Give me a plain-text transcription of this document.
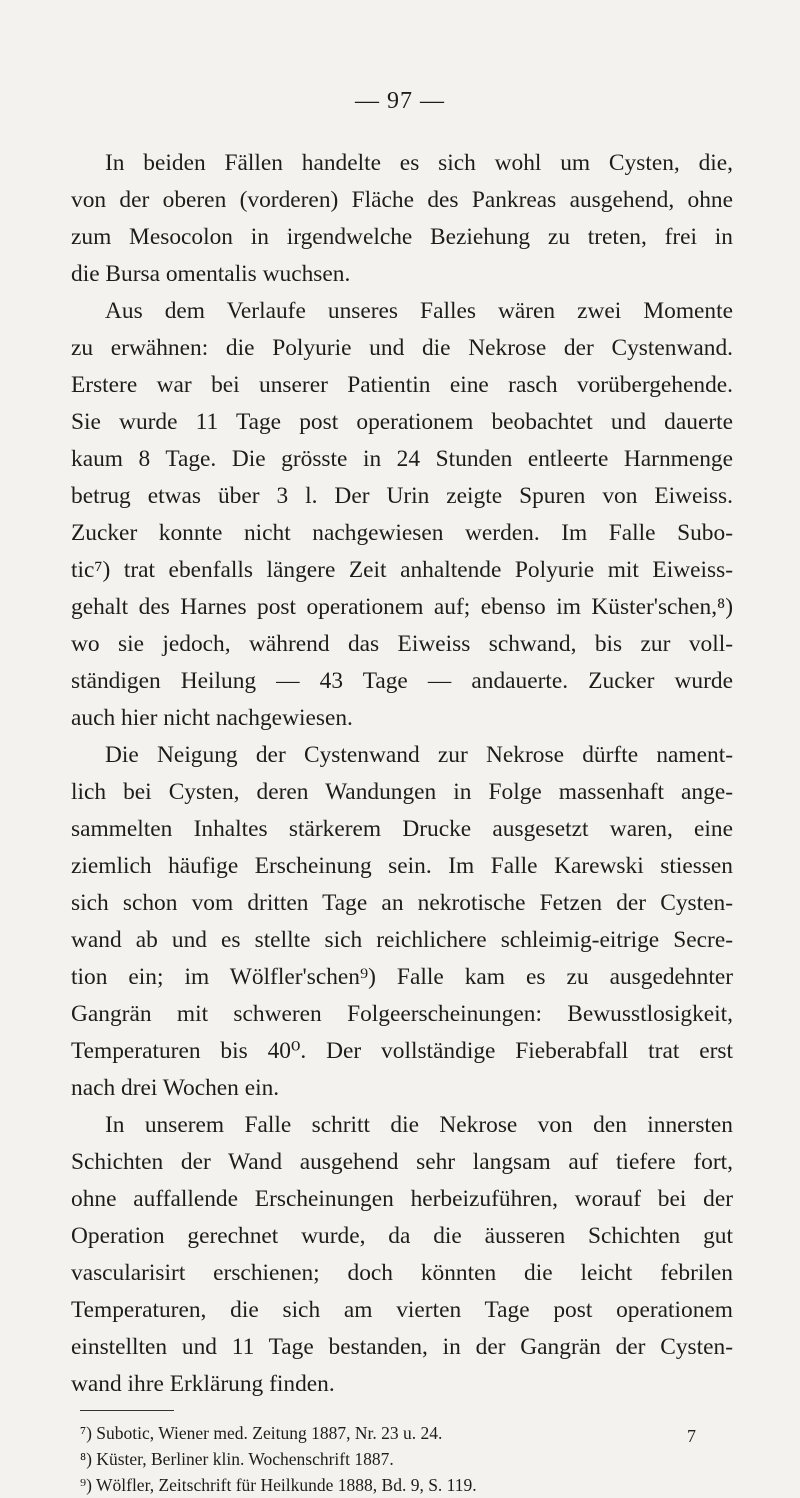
— 97 —
In beiden Fällen handelte es sich wohl um Cysten, die,
von der oberen (vorderen) Fläche des Pankreas ausgehend, ohne
zum Mesocolon in irgendwelche Beziehung zu treten, frei in
die Bursa omentalis wuchsen.
Aus dem Verlaufe unseres Falles wären zwei Momente
zu erwähnen: die Polyurie und die Nekrose der Cystenwand.
Erstere war bei unserer Patientin eine rasch vorübergehende.
Sie wurde 11 Tage post operationem beobachtet und dauerte
kaum 8 Tage. Die grösste in 24 Stunden entleerte Harnmenge
betrug etwas über 3 l. Der Urin zeigte Spuren von Eiweiss.
Zucker konnte nicht nachgewiesen werden. Im Falle Subo-
tic⁷) trat ebenfalls längere Zeit anhaltende Polyurie mit Eiweiss-
gehalt des Harnes post operationem auf; ebenso im Küster'schen,⁸)
wo sie jedoch, während das Eiweiss schwand, bis zur voll-
ständigen Heilung — 43 Tage — andauerte. Zucker wurde
auch hier nicht nachgewiesen.
Die Neigung der Cystenwand zur Nekrose dürfte nament-
lich bei Cysten, deren Wandungen in Folge massenhaft ange-
sammelten Inhaltes stärkerem Drucke ausgesetzt waren, eine
ziemlich häufige Erscheinung sein. Im Falle Karewski stiessen
sich schon vom dritten Tage an nekrotische Fetzen der Cysten-
wand ab und es stellte sich reichlichere schleimig-eitrige Secre-
tion ein; im Wölfler'schen⁹) Falle kam es zu ausgedehnter
Gangrän mit schweren Folgeerscheinungen: Bewusstlosigkeit,
Temperaturen bis 40⁰. Der vollständige Fieberabfall trat erst
nach drei Wochen ein.
In unserem Falle schritt die Nekrose von den innersten
Schichten der Wand ausgehend sehr langsam auf tiefere fort,
ohne auffallende Erscheinungen herbeizuführen, worauf bei der
Operation gerechnet wurde, da die äusseren Schichten gut
vascularisirt erschienen; doch könnten die leicht febrilen
Temperaturen, die sich am vierten Tage post operationem
einstellten und 11 Tage bestanden, in der Gangrän der Cysten-
wand ihre Erklärung finden.
⁷) Subotic, Wiener med. Zeitung 1887, Nr. 23 u. 24.
⁸) Küster, Berliner klin. Wochenschrift 1887.
⁹) Wölfler, Zeitschrift für Heilkunde 1888, Bd. 9, S. 119.
7
